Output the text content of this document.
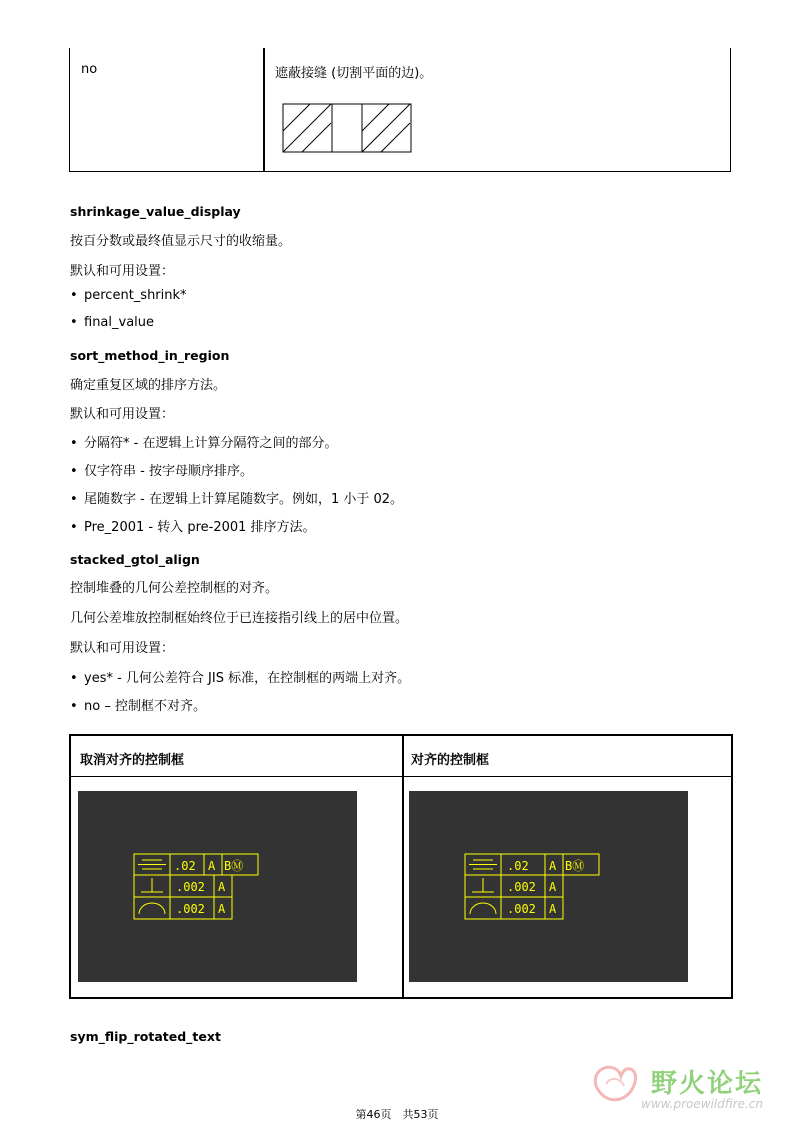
no	遮蔽接缝 (切割平面的边)。
shrinkage_value_display
按百分数或最终值显示尺寸的收缩量。
默认和可用设置：
• percent_shrink*
• final_value
sort_method_in_region
确定重复区域的排序方法。
默认和可用设置：
• 分隔符* - 在逻辑上计算分隔符之间的部分。
• 仅字符串 - 按字母顺序排序。
• 尾随数字 - 在逻辑上计算尾随数字。例如，1 小于 02。
• Pre_2001 - 转入 pre-2001 排序方法。
stacked_gtol_align
控制堆叠的几何公差控制框的对齐。
几何公差堆放控制框始终位于已连接指引线上的居中位置。
默认和可用设置：
• yes* - 几何公差符合 JIS 标准，在控制框的两端上对齐。
• no – 控制框不对齐。
取消对齐的控制框	对齐的控制框
.02 A BⓂ
.002 A
.002 A
.02 A BⓂ
.002 A
.002 A
sym_flip_rotated_text
野火论坛
www.proewildfire.cn
第46页　共53页
